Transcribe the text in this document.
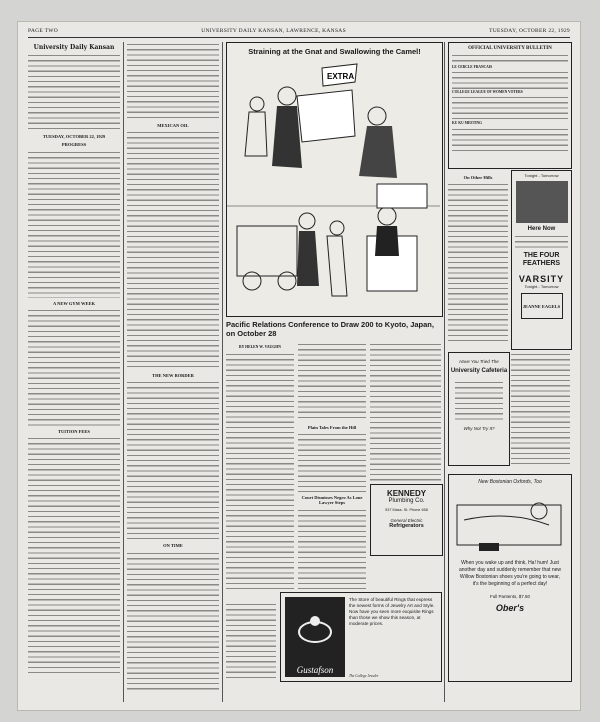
PAGE TWO	UNIVERSITY DAILY KANSAN, LAWRENCE, KANSAS	TUESDAY, OCTOBER 22, 1929
University Daily Kansan
TUESDAY, OCTOBER 22, 1929
PROGRESS
A NEW GYM WEEK
TUITION FEES
MEXICAN OIL
THE NEW BORDER
ON TIME
Straining at the Gnat and Swallowing the Camel!
EXTRA
Pacific Relations Conference to Draw 200 to Kyoto, Japan, on October 28
BY HELEN W. VAUGHN
Plain Tales From the Hill
Court Dismisses Negro As Lone Lawyer Steps
KENNEDY
Plumbing Co.
937 Mass. St. Phone 658
General Electric
Refrigerators
Gustafson
The Store of beautiful Rings that express the newest forms of Jewelry Art and Style. Now have you seen more exquisite Rings than those we show this season, at moderate prices.
The College Jeweler
OFFICIAL UNIVERSITY BULLETIN
LE CERCLE FRANCAIS
COLLEGE LEAGUE OF WOMEN VOTERS
KU KU MEETING
On Other Hills	Tonight - Tomorrow
Here Now
THE FOUR FEATHERS
VARSITY
Tonight - Tomorrow
JEANNE EAGELS
Have You Tried The
University Cafeteria
Why Not Try It?
New Bostonian Oxfords, Too
When you wake up and think, Ha! hum! Just another day and suddenly remember that new Willow Bostonian shoes you're going to wear, it's the beginning of a perfect day!
Full Pantents, $7.50
Ober's
